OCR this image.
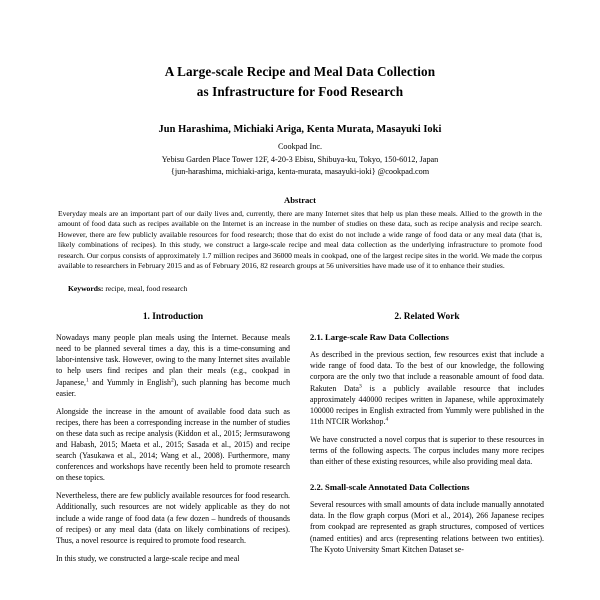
A Large-scale Recipe and Meal Data Collection
as Infrastructure for Food Research
Jun Harashima, Michiaki Ariga, Kenta Murata, Masayuki Ioki
Cookpad Inc.
Yebisu Garden Place Tower 12F, 4-20-3 Ebisu, Shibuya-ku, Tokyo, 150-6012, Japan
{jun-harashima, michiaki-ariga, kenta-murata, masayuki-ioki} @cookpad.com
Abstract
Everyday meals are an important part of our daily lives and, currently, there are many Internet sites that help us plan these meals. Allied to the growth in the amount of food data such as recipes available on the Internet is an increase in the number of studies on these data, such as recipe analysis and recipe search. However, there are few publicly available resources for food research; those that do exist do not include a wide range of food data or any meal data (that is, likely combinations of recipes). In this study, we construct a large-scale recipe and meal data collection as the underlying infrastructure to promote food research. Our corpus consists of approximately 1.7 million recipes and 36000 meals in cookpad, one of the largest recipe sites in the world. We made the corpus available to researchers in February 2015 and as of February 2016, 82 research groups at 56 universities have made use of it to enhance their studies.
Keywords: recipe, meal, food research
1. Introduction

Nowadays many people plan meals using the Internet. Because meals need to be planned several times a day, this is a time-consuming and labor-intensive task. However, owing to the many Internet sites available to help users find recipes and plan their meals (e.g., cookpad in Japanese,$^1$ and Yummly in English$^2$), such planning has become much easier.

Alongside the increase in the amount of available food data such as recipes, there has been a corresponding increase in the number of studies on these data such as recipe analysis (Kiddon et al., 2015; Jermsurawong and Habash, 2015; Maeta et al., 2015; Sasada et al., 2015) and recipe search (Yasukawa et al., 2014; Wang et al., 2008). Furthermore, many conferences and workshops have recently been held to promote research on these topics.

Nevertheless, there are few publicly available resources for food research. Additionally, such resources are not widely applicable as they do not include a wide range of food data (a few dozen – hundreds of thousands of recipes) or any meal data (data on likely combinations of recipes). Thus, a novel resource is required to promote food research.

In this study, we constructed a large-scale recipe and meal

2. Related Work
2.1. Large-scale Raw Data Collections

As described in the previous section, few resources exist that include a wide range of food data. To the best of our knowledge, the following corpora are the only two that include a reasonable amount of food data. Rakuten Data$^3$ is a publicly available resource that includes approximately 440000 recipes written in Japanese, while approximately 100000 recipes in English extracted from Yummly were published in the 11th NTCIR Workshop.$^4$

We have constructed a novel corpus that is superior to these resources in terms of the following aspects. The corpus includes many more recipes than either of these existing resources, while also providing meal data.

2.2. Small-scale Annotated Data Collections

Several resources with small amounts of data include manually annotated data. In the flow graph corpus (Mori et al., 2014), 266 Japanese recipes from cookpad are represented as graph structures, composed of vertices (named entities) and arcs (representing relations between two entities). The Kyoto University Smart Kitchen Dataset se-
